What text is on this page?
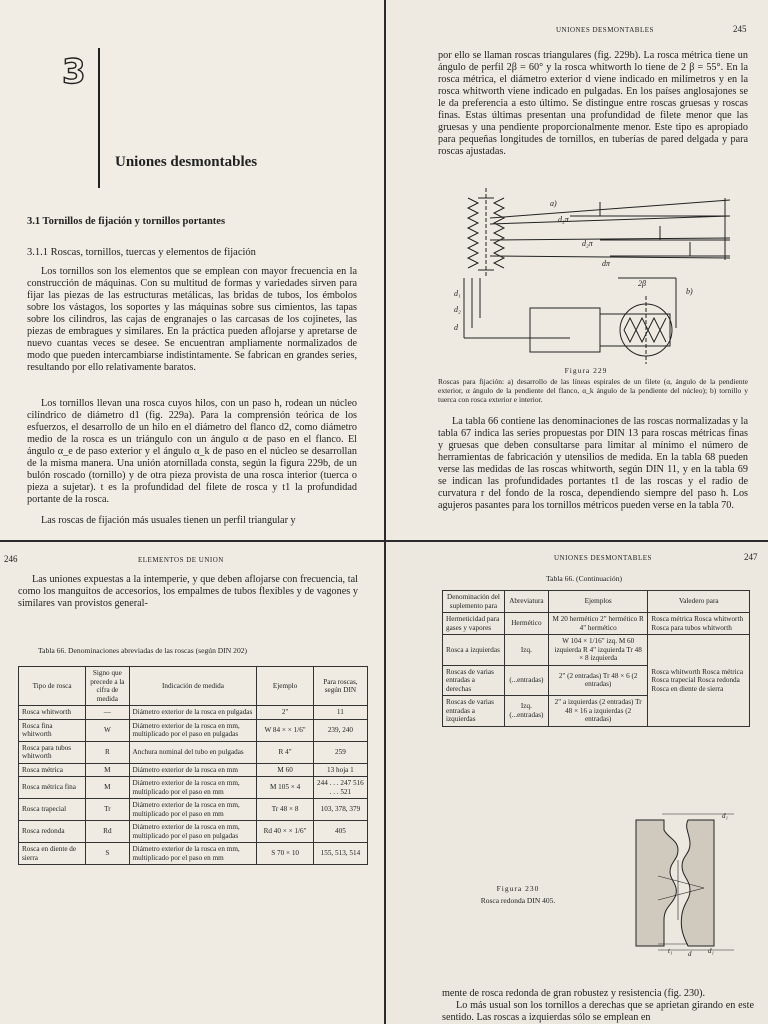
3
Uniones desmontables
3.1 Tornillos de fijación y tornillos portantes
3.1.1 Roscas, tornillos, tuercas y elementos de fijación
Los tornillos son los elementos que se emplean con mayor frecuencia en la construcción de máquinas. Con su multitud de formas y variedades sirven para fijar las piezas de las estructuras metálicas, las bridas de tubos, los émbolos sobre los vástagos, los soportes y las máquinas sobre sus cimientos, las tapas sobre los cilindros, las cajas de engranajes o las carcasas de los cojinetes, las piezas de embragues y similares. En la práctica pueden aflojarse y apretarse de nuevo cuantas veces se desee. Se encuentran ampliamente normalizados de modo que pueden intercambiarse indistintamente. Se fabrican en grandes series, resultando por ello relativamente baratos.
Los tornillos llevan una rosca cuyos hilos, con un paso h, rodean un núcleo cilíndrico de diámetro d1 (fig. 229a). Para la comprensión teórica de los esfuerzos, el desarrollo de un hilo en el diámetro del flanco d2, como diámetro medio de la rosca es un triángulo con un ángulo α de paso en el flanco. El ángulo α_e de paso exterior y el ángulo α_k de paso en el núcleo se desarrollan de la misma manera. Una unión atornillada consta, según la figura 229b, de un bulón roscado (tornillo) y de otra pieza provista de una rosca interior (tuerca o pieza a sujetar). t es la profundidad del filete de rosca y t1 la profundidad portante de la rosca.
Las roscas de fijación más usuales tienen un perfil triangular y
UNIONES DESMONTABLES	245
por ello se llaman roscas triangulares (fig. 229b). La rosca métrica tiene un ángulo de perfil 2β = 60° y la rosca whitworth lo tiene de 2 β = 55°. En la rosca métrica, el diámetro exterior d viene indicado en milímetros y en la rosca whitworth viene indicado en pulgadas. En los países anglosajones se le da preferencia a esto último. Se distingue entre roscas gruesas y roscas finas. Estas últimas presentan una profundidad de filete menor que las gruesas y una pendiente proporcionalmente menor. Este tipo es apropiado para pequeñas longitudes de tornillos, en tuberías de pared delgada y para roscas ajustadas.
a)
d₂π
d₂π
dπ
2β
b)
d₁
d₂
d
Figura 229
Roscas para fijación: a) desarrollo de las líneas espirales de un filete (α, ángulo de la pendiente exterior, α ángulo de la pendiente del flanco, α_k ángulo de la pendiente del núcleo); b) tornillo y tuerca con rosca exterior e interior.
La tabla 66 contiene las denominaciones de las roscas normalizadas y la tabla 67 indica las series propuestas por DIN 13 para roscas métricas finas y gruesas que deben consultarse para limitar al mínimo el número de herramientas de fabricación y utensilios de medida. En la tabla 68 pueden verse las medidas de las roscas whitworth, según DIN 11, y en la tabla 69 se indican las profundidades portantes t1 de las roscas y el radio de curvatura r del fondo de la rosca, dependiendo siempre del paso h. Los agujeros pasantes para los tornillos métricos pueden verse en la tabla 70.
246	ELEMENTOS DE UNION
Las uniones expuestas a la intemperie, y que deben aflojarse con frecuencia, tal como los manguitos de accesorios, los empalmes de tubos flexibles y de vagones y similares van provistos general-
Tabla 66. Denominaciones abreviadas de las roscas (según DIN 202)
Tipo de rosca	Signo que precede a la cifra de medida	Indicación de medida	Ejemplo	Para roscas, según DIN
Rosca whitworth	—	Diámetro exterior de la rosca en pulgadas	2"	11
Rosca fina whitworth	W	Diámetro exterior de la rosca en mm, multiplicado por el paso en pulgadas	W 84 × × 1/6"	239, 240
Rosca para tubos whitworth	R	Anchura nominal del tubo en pulgadas	R 4"	259
Rosca métrica	M	Diámetro exterior de la rosca en mm	M 60	13 hoja 1
Rosca métrica fina	M	Diámetro exterior de la rosca en mm, multiplicado por el paso en mm	M 105 × 4	244 . . . 247 516 . . . 521
Rosca trapecial	Tr	Diámetro exterior de la rosca en mm, multiplicado por el paso en mm	Tr 48 × 8	103, 378, 379
Rosca redonda	Rd	Diámetro exterior de la rosca en mm, multiplicado por el paso en pulgadas	Rd 40 × × 1/6"	405
Rosca en diente de sierra	S	Diámetro exterior de la rosca en mm, multiplicado por el paso en mm	S 70 × 10	155, 513, 514
UNIONES DESMONTABLES	247
Tabla 66. (Continuación)
Denominación del suplemento para	Abreviatura	Ejemplos	Valedero para
Hermeticidad para gases y vapores	Hermético	M 20 hermético 2" hermético R 4" hermético	Rosca métrica Rosca whitworth Rosca para tubos whitworth
Rosca a izquierdas	Izq.	W 104 × 1/16" izq. M 60 izquierda R 4" izquierda Tr 48 × 8 izquierda	Rosca whitworth Rosca métrica Rosca trapecial Rosca redonda Rosca en diente de sierra
Roscas de varias entradas a derechas	(...entradas)	2" (2 entradas) Tr 48 × 6 (2 entradas)	
Roscas de varias entradas a izquierdas	Izq. (...entradas)	2" a izquierdas (2 entradas) Tr 48 × 16 a izquierdas (2 entradas)	
d₁
t₁	d₁
d
Figura 230
Rosca redonda DIN 405.
mente de rosca redonda de gran robustez y resistencia (fig. 230).
Lo más usual son los tornillos a derechas que se aprietan girando en este sentido. Las roscas a izquierdas sólo se emplean en
